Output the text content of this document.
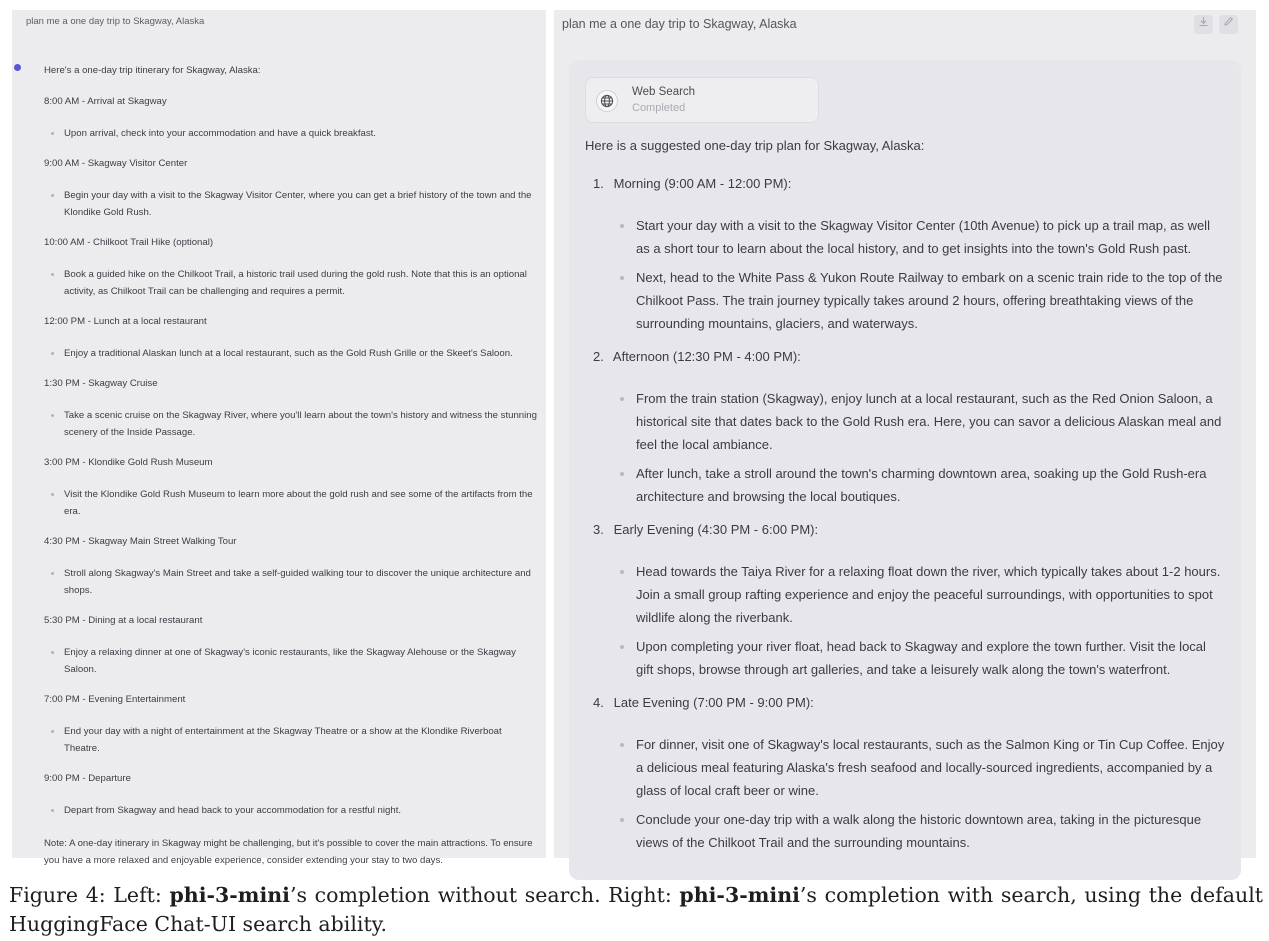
plan me a one day trip to Skagway, Alaska

Here's a one-day trip itinerary for Skagway, Alaska:

8:00 AM - Arrival at Skagway

Upon arrival, check into your accommodation and have a quick breakfast.

9:00 AM - Skagway Visitor Center

Begin your day with a visit to the Skagway Visitor Center, where you can get a brief history of the town and the Klondike Gold Rush.

10:00 AM - Chilkoot Trail Hike (optional)

Book a guided hike on the Chilkoot Trail, a historic trail used during the gold rush. Note that this is an optional activity, as Chilkoot Trail can be challenging and requires a permit.

12:00 PM - Lunch at a local restaurant

Enjoy a traditional Alaskan lunch at a local restaurant, such as the Gold Rush Grille or the Skeet's Saloon.

1:30 PM - Skagway Cruise

Take a scenic cruise on the Skagway River, where you'll learn about the town's history and witness the stunning scenery of the Inside Passage.

3:00 PM - Klondike Gold Rush Museum

Visit the Klondike Gold Rush Museum to learn more about the gold rush and see some of the artifacts from the era.

4:30 PM - Skagway Main Street Walking Tour

Stroll along Skagway's Main Street and take a self-guided walking tour to discover the unique architecture and shops.

5:30 PM - Dining at a local restaurant

Enjoy a relaxing dinner at one of Skagway's iconic restaurants, like the Skagway Alehouse or the Skagway Saloon.

7:00 PM - Evening Entertainment

End your day with a night of entertainment at the Skagway Theatre or a show at the Klondike Riverboat Theatre.

9:00 PM - Departure

Depart from Skagway and head back to your accommodation for a restful night.

Note: A one-day itinerary in Skagway might be challenging, but it's possible to cover the main attractions. To ensure you have a more relaxed and enjoyable experience, consider extending your stay to two days.

plan me a one day trip to Skagway, Alaska
Web Search
Completed

Here is a suggested one-day trip plan for Skagway, Alaska:

1. Morning (9:00 AM - 12:00 PM):

Start your day with a visit to the Skagway Visitor Center (10th Avenue) to pick up a trail map, as well as a short tour to learn about the local history, and to get insights into the town's Gold Rush past.
Next, head to the White Pass & Yukon Route Railway to embark on a scenic train ride to the top of the Chilkoot Pass. The train journey typically takes around 2 hours, offering breathtaking views of the surrounding mountains, glaciers, and waterways.

2. Afternoon (12:30 PM - 4:00 PM):

From the train station (Skagway), enjoy lunch at a local restaurant, such as the Red Onion Saloon, a historical site that dates back to the Gold Rush era. Here, you can savor a delicious Alaskan meal and feel the local ambiance.
After lunch, take a stroll around the town's charming downtown area, soaking up the Gold Rush-era architecture and browsing the local boutiques.

3. Early Evening (4:30 PM - 6:00 PM):

Head towards the Taiya River for a relaxing float down the river, which typically takes about 1-2 hours. Join a small group rafting experience and enjoy the peaceful surroundings, with opportunities to spot wildlife along the riverbank.
Upon completing your river float, head back to Skagway and explore the town further. Visit the local gift shops, browse through art galleries, and take a leisurely walk along the town's waterfront.

4. Late Evening (7:00 PM - 9:00 PM):

For dinner, visit one of Skagway's local restaurants, such as the Salmon King or Tin Cup Coffee. Enjoy a delicious meal featuring Alaska's fresh seafood and locally-sourced ingredients, accompanied by a glass of local craft beer or wine.
Conclude your one-day trip with a walk along the historic downtown area, taking in the picturesque views of the Chilkoot Trail and the surrounding mountains.
Figure 4: Left: phi-3-mini’s completion without search. Right: phi-3-mini’s completion with search, using the default HuggingFace Chat-UI search ability.
